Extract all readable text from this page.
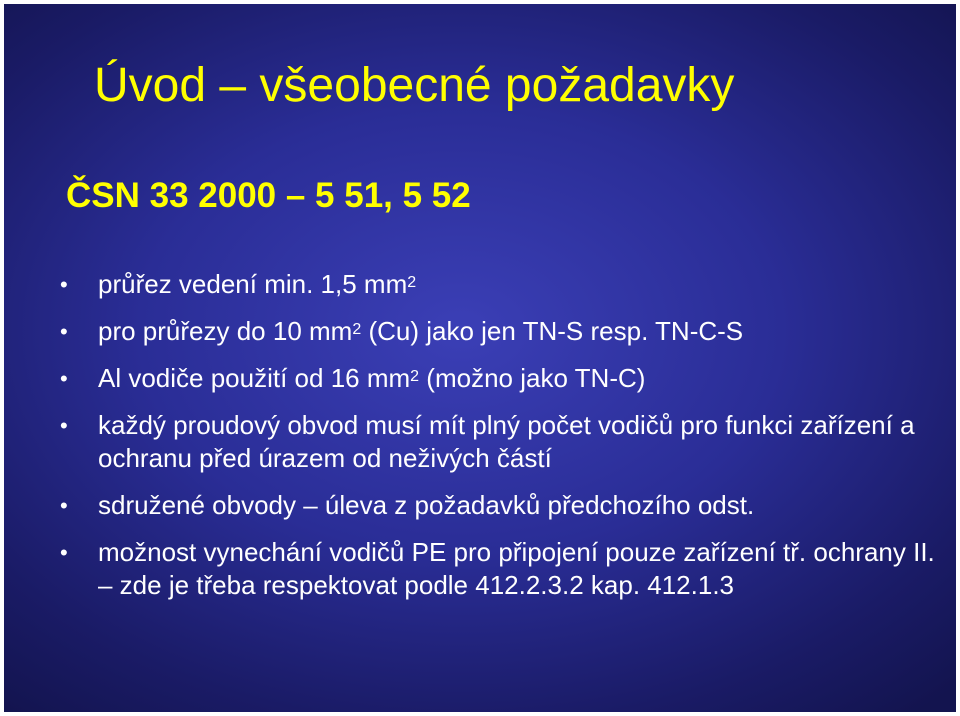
Úvod – všeobecné požadavky
ČSN 33 2000 – 5 51, 5 52
• průřez vedení min. 1,5 $mm^2$
• pro průřezy do 10 $mm^2$ (Cu) jako jen TN-S resp. TN-C-S
• Al vodiče použití od 16 $mm^2$ (možno jako TN-C)
• každý proudový obvod musí mít plný počet vodičů pro funkci zařízení a ochranu před úrazem od neživých částí
• sdružené obvody – úleva z požadavků předchozího odst.
• možnost vynechání vodičů PE pro připojení pouze zařízení tř. ochrany II. – zde je třeba respektovat podle 412.2.3.2 kap. 412.1.3
